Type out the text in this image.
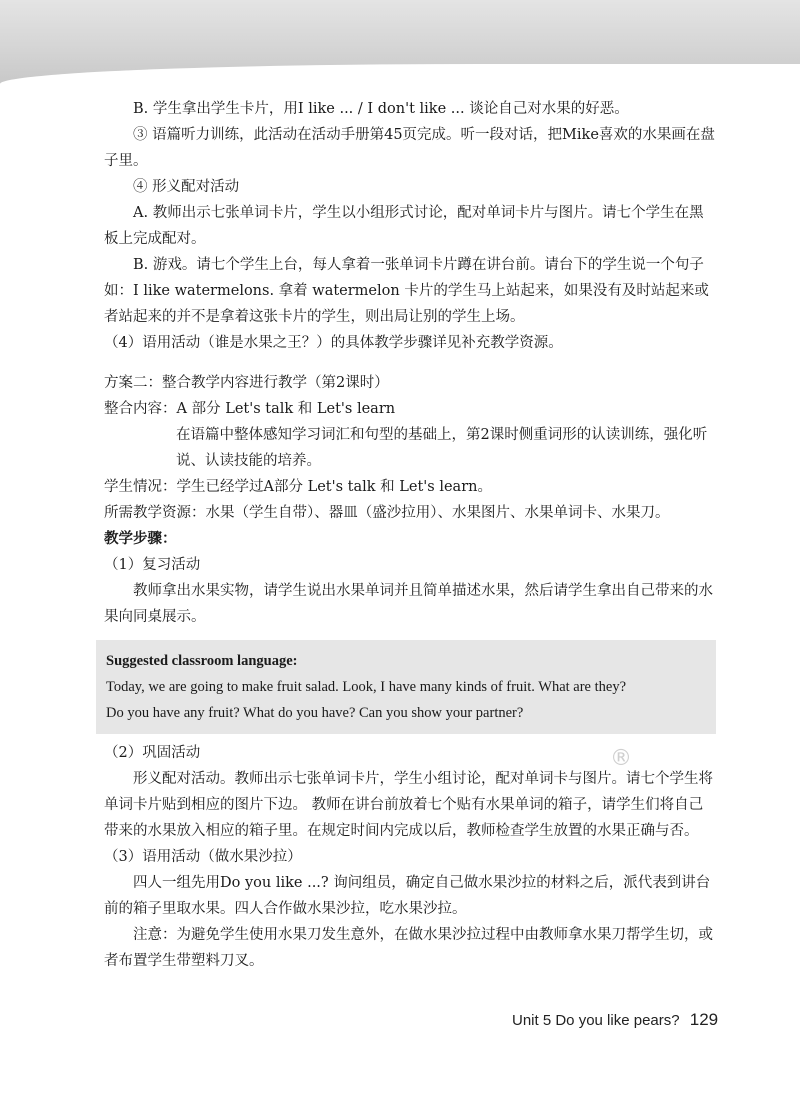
®

B. 学生拿出学生卡片，用I like ... / I don't like ... 谈论自己对水果的好恶。

③ 语篇听力训练，此活动在活动手册第45页完成。听一段对话，把Mike喜欢的水果画在盘子里。

④ 形义配对活动

A. 教师出示七张单词卡片，学生以小组形式讨论，配对单词卡片与图片。请七个学生在黑板上完成配对。

B. 游戏。请七个学生上台，每人拿着一张单词卡片蹲在讲台前。请台下的学生说一个句子如：I like watermelons. 拿着 watermelon 卡片的学生马上站起来，如果没有及时站起来或者站起来的并不是拿着这张卡片的学生，则出局让别的学生上场。

（4）语用活动（谁是水果之王？）的具体教学步骤详见补充教学资源。

方案二：整合教学内容进行教学（第2课时）

整合内容：A 部分 Let's talk 和 Let's learn

在语篇中整体感知学习词汇和句型的基础上，第2课时侧重词形的认读训练，强化听说、认读技能的培养。

学生情况：学生已经学过A部分 Let's talk 和 Let's learn。

所需教学资源：水果（学生自带）、器皿（盛沙拉用）、水果图片、水果单词卡、水果刀。

教学步骤：

（1）复习活动

教师拿出水果实物，请学生说出水果单词并且简单描述水果，然后请学生拿出自己带来的水果向同桌展示。

Suggested classroom language:

Today, we are going to make fruit salad. Look, I have many kinds of fruit. What are they?

Do you have any fruit? What do you have? Can you show your partner?

（2）巩固活动

形义配对活动。教师出示七张单词卡片，学生小组讨论，配对单词卡与图片。请七个学生将单词卡片贴到相应的图片下边。 教师在讲台前放着七个贴有水果单词的箱子，请学生们将自己带来的水果放入相应的箱子里。在规定时间内完成以后，教师检查学生放置的水果正确与否。

（3）语用活动（做水果沙拉）

四人一组先用Do you like ...? 询问组员，确定自己做水果沙拉的材料之后，派代表到讲台前的箱子里取水果。四人合作做水果沙拉，吃水果沙拉。

注意：为避免学生使用水果刀发生意外，在做水果沙拉过程中由教师拿水果刀帮学生切，或者布置学生带塑料刀叉。

Unit 5 Do you like pears? 129
